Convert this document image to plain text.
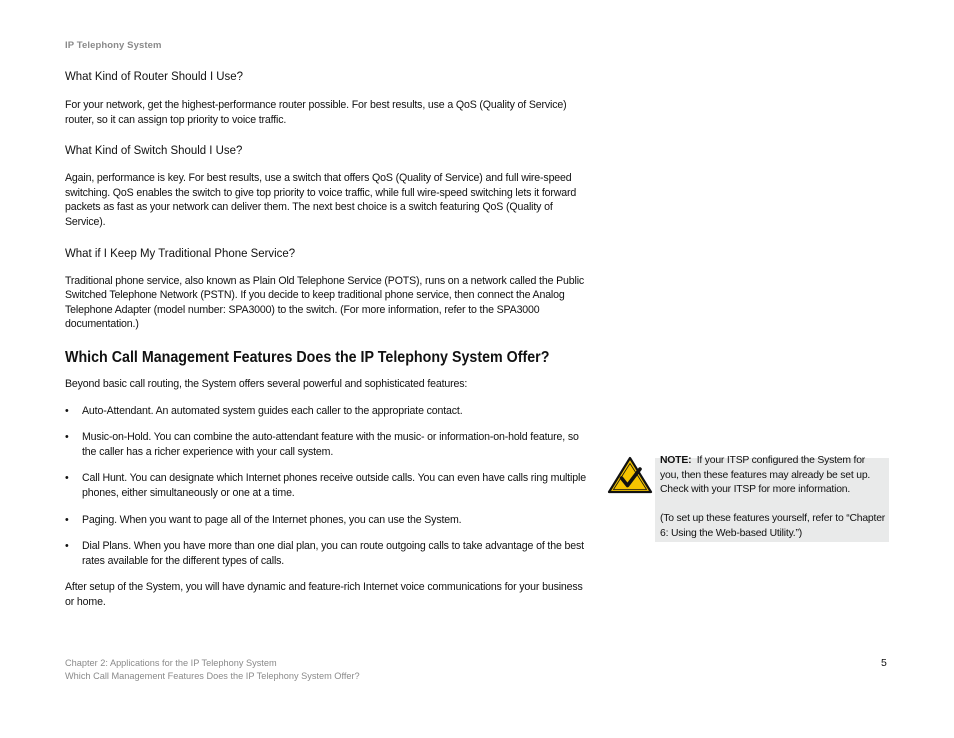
IP Telephony System
What Kind of Router Should I Use?

For your network, get the highest-performance router possible. For best results, use a QoS (Quality of Service) router, so it can assign top priority to voice traffic.

What Kind of Switch Should I Use?

Again, performance is key. For best results, use a switch that offers QoS (Quality of Service) and full wire-speed switching. QoS enables the switch to give top priority to voice traffic, while full wire-speed switching lets it forward packets as fast as your network can deliver them. The next best choice is a switch featuring QoS (Quality of Service).

What if I Keep My Traditional Phone Service?

Traditional phone service, also known as Plain Old Telephone Service (POTS), runs on a network called the Public Switched Telephone Network (PSTN). If you decide to keep traditional phone service, then connect the Analog Telephone Adapter (model number: SPA3000) to the switch. (For more information, refer to the SPA3000 documentation.)

Which Call Management Features Does the IP Telephony System Offer?

Beyond basic call routing, the System offers several powerful and sophisticated features:

• Auto-Attendant. An automated system guides each caller to the appropriate contact.
• Music-on-Hold. You can combine the auto-attendant feature with the music- or information-on-hold feature, so the caller has a richer experience with your call system.
• Call Hunt. You can designate which Internet phones receive outside calls. You can even have calls ring multiple phones, either simultaneously or one at a time.
• Paging. When you want to page all of the Internet phones, you can use the System.
• Dial Plans. When you have more than one dial plan, you can route outgoing calls to take advantage of the best rates available for the different types of calls.

After setup of the System, you will have dynamic and feature-rich Internet voice communications for your business or home.

NOTE: If your ITSP configured the System for you, then these features may already be set up. Check with your ITSP for more information.
(To set up these features yourself, refer to “Chapter 6: Using the Web-based Utility.”)
Chapter 2: Applications for the IP Telephony System
Which Call Management Features Does the IP Telephony System Offer?
5
